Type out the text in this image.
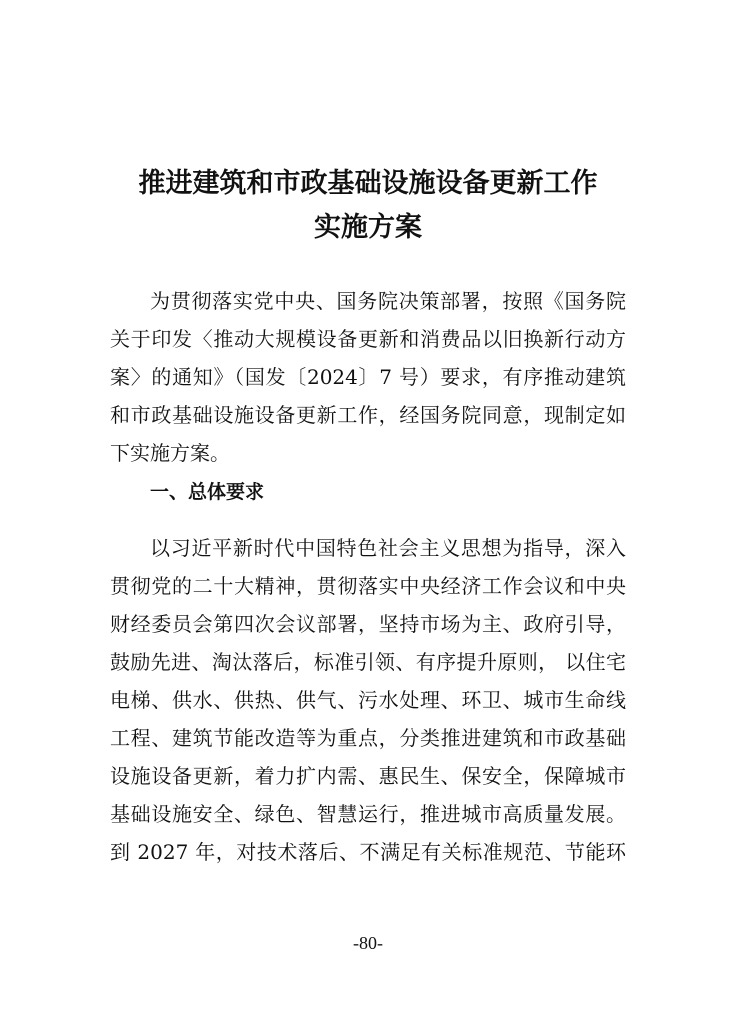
推进建筑和市政基础设施设备更新工作
实施方案
为贯彻落实党中央、国务院决策部署，按照《国务院
关于印发〈推动大规模设备更新和消费品以旧换新行动方
案〉的通知》（国发〔2024〕7 号）要求，有序推动建筑
和市政基础设施设备更新工作，经国务院同意，现制定如
下实施方案。
一、总体要求
以习近平新时代中国特色社会主义思想为指导，深入
贯彻党的二十大精神，贯彻落实中央经济工作会议和中央
财经委员会第四次会议部署，坚持市场为主、政府引导，
鼓励先进、淘汰落后，标准引领、有序提升原则， 以住宅
电梯、供水、供热、供气、污水处理、环卫、城市生命线
工程、建筑节能改造等为重点，分类推进建筑和市政基础
设施设备更新，着力扩内需、惠民生、保安全，保障城市
基础设施安全、绿色、智慧运行，推进城市高质量发展。
到 2027 年，对技术落后、不满足有关标准规范、节能环
-80-
